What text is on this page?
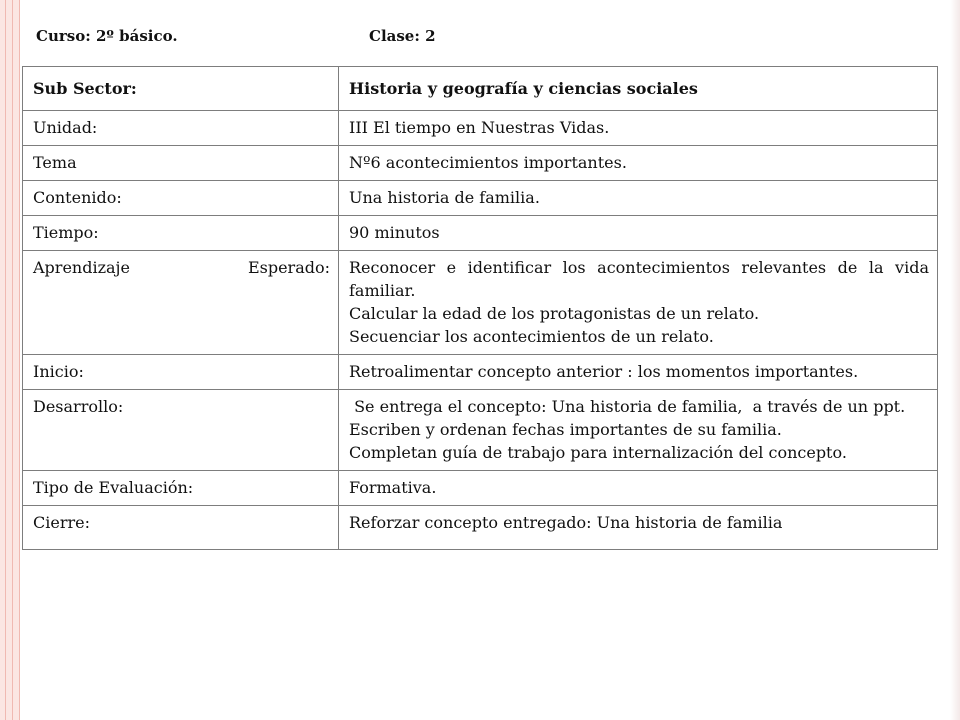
Curso: 2º básico.	Clase: 2
Sub Sector:	Historia y geografía y ciencias sociales
Unidad:	III El tiempo en Nuestras Vidas.
Tema	Nº6 acontecimientos importantes.
Contenido:	Una historia de familia.
Tiempo:	90 minutos

Aprendizaje Esperado:	Reconocer e identificar los acontecimientos relevantes de la vida familiar.
Calcular la edad de los protagonistas de un relato.
Secuenciar los acontecimientos de un relato.

Inicio:	Retroalimentar concepto anterior : los momentos importantes.
Desarrollo:	Se entrega el concepto: Una historia de familia,  a través de un ppt.
Escriben y ordenan fechas importantes de su familia.
Completan guía de trabajo para internalización del concepto.

Tipo de Evaluación:	Formativa.
Cierre:	Reforzar concepto entregado: Una historia de familia
